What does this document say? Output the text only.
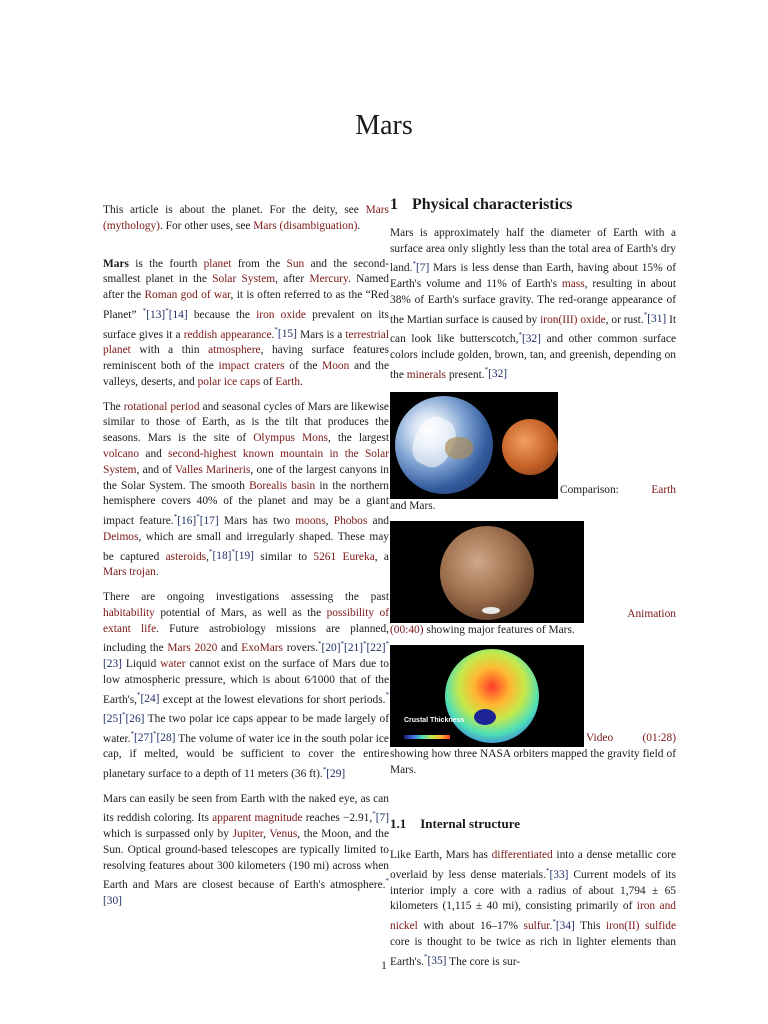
Mars

This article is about the planet. For the deity, see Mars (mythology). For other uses, see Mars (disambiguation).

Mars is the fourth planet from the Sun and the second-smallest planet in the Solar System, after Mercury. Named after the Roman god of war, it is often referred to as the “Red Planet” *[13]*[14] because the iron oxide prevalent on its surface gives it a reddish appearance.*[15] Mars is a terrestrial planet with a thin atmosphere, having surface features reminiscent both of the impact craters of the Moon and the valleys, deserts, and polar ice caps of Earth.

The rotational period and seasonal cycles of Mars are likewise similar to those of Earth, as is the tilt that produces the seasons. Mars is the site of Olympus Mons, the largest volcano and second-highest known mountain in the Solar System, and of Valles Marineris, one of the largest canyons in the Solar System. The smooth Borealis basin in the northern hemisphere covers 40% of the planet and may be a giant impact feature.*[16]*[17] Mars has two moons, Phobos and Deimos, which are small and irregularly shaped. These may be captured asteroids,*[18]*[19] similar to 5261 Eureka, a Mars trojan.

There are ongoing investigations assessing the past habitability potential of Mars, as well as the possibility of extant life. Future astrobiology missions are planned, including the Mars 2020 and ExoMars rovers.*[20]*[21]*[22]*[23] Liquid water cannot exist on the surface of Mars due to low atmospheric pressure, which is about 6⁄1000 that of the Earth's,*[24] except at the lowest elevations for short periods.*[25]*[26] The two polar ice caps appear to be made largely of water.*[27]*[28] The volume of water ice in the south polar ice cap, if melted, would be sufficient to cover the entire planetary surface to a depth of 11 meters (36 ft).*[29]

Mars can easily be seen from Earth with the naked eye, as can its reddish coloring. Its apparent magnitude reaches −2.91,*[7] which is surpassed only by Jupiter, Venus, the Moon, and the Sun. Optical ground-based telescopes are typically limited to resolving features about 300 kilometers (190 mi) across when Earth and Mars are closest because of Earth's atmosphere.*[30]

1 Physical characteristics

Mars is approximately half the diameter of Earth with a surface area only slightly less than the total area of Earth's dry land.*[7] Mars is less dense than Earth, having about 15% of Earth's volume and 11% of Earth's mass, resulting in about 38% of Earth's surface gravity. The red-orange appearance of the Martian surface is caused by iron(III) oxide, or rust.*[31] It can look like butterscotch,*[32] and other common surface colors include golden, brown, tan, and greenish, depending on the minerals present.*[32]

Comparison:	Earth
and Mars.
Animation
(00:40) showing major features of Mars.
Crustal Thickness
Video	(01:28)
showing how three NASA orbiters mapped the gravity field of Mars.
1.1 Internal structure

Like Earth, Mars has differentiated into a dense metallic core overlaid by less dense materials.*[33] Current models of its interior imply a core with a radius of about 1,794 ± 65 kilometers (1,115 ± 40 mi), consisting primarily of iron and nickel with about 16–17% sulfur.*[34] This iron(II) sulfide core is thought to be twice as rich in lighter elements than Earth's.*[35] The core is sur-

1
